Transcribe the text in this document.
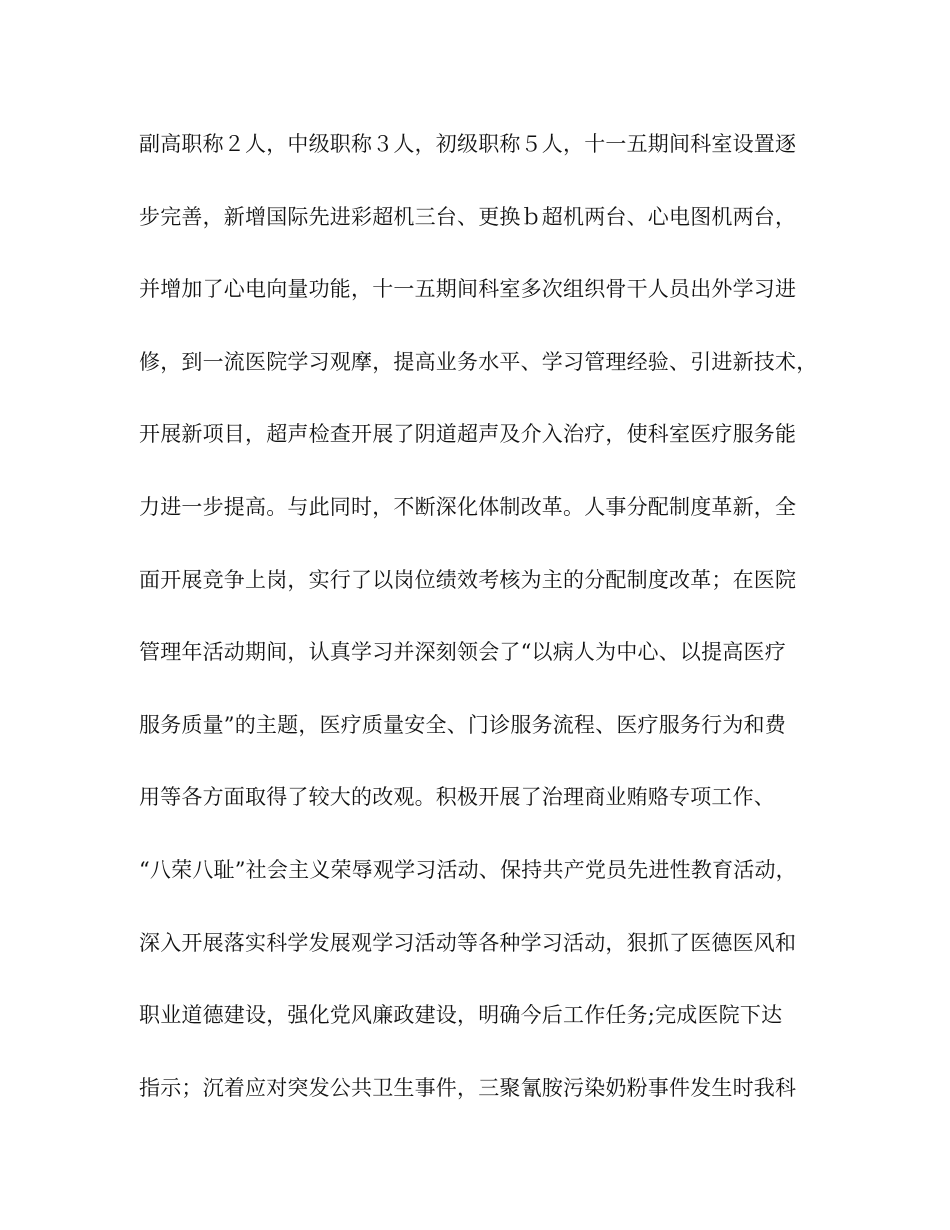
副高职称２人，中级职称３人，初级职称５人，十一五期间科室设置逐
步完善，新增国际先进彩超机三台、更换ｂ超机两台、心电图机两台，
并增加了心电向量功能，十一五期间科室多次组织骨干人员出外学习进
修，到一流医院学习观摩，提高业务水平、学习管理经验、引进新技术，
开展新项目，超声检查开展了阴道超声及介入治疗，使科室医疗服务能
力进一步提高。与此同时，不断深化体制改革。人事分配制度革新，全
面开展竞争上岗，实行了以岗位绩效考核为主的分配制度改革；在医院
管理年活动期间，认真学习并深刻领会了“以病人为中心、以提高医疗
服务质量”的主题，医疗质量安全、门诊服务流程、医疗服务行为和费
用等各方面取得了较大的改观。积极开展了治理商业贿赂专项工作、
“八荣八耻”社会主义荣辱观学习活动、保持共产党员先进性教育活动，
深入开展落实科学发展观学习活动等各种学习活动，狠抓了医德医风和
职业道德建设，强化党风廉政建设，明确今后工作任务;完成医院下达
指示；沉着应对突发公共卫生事件，三聚氰胺污染奶粉事件发生时我科
